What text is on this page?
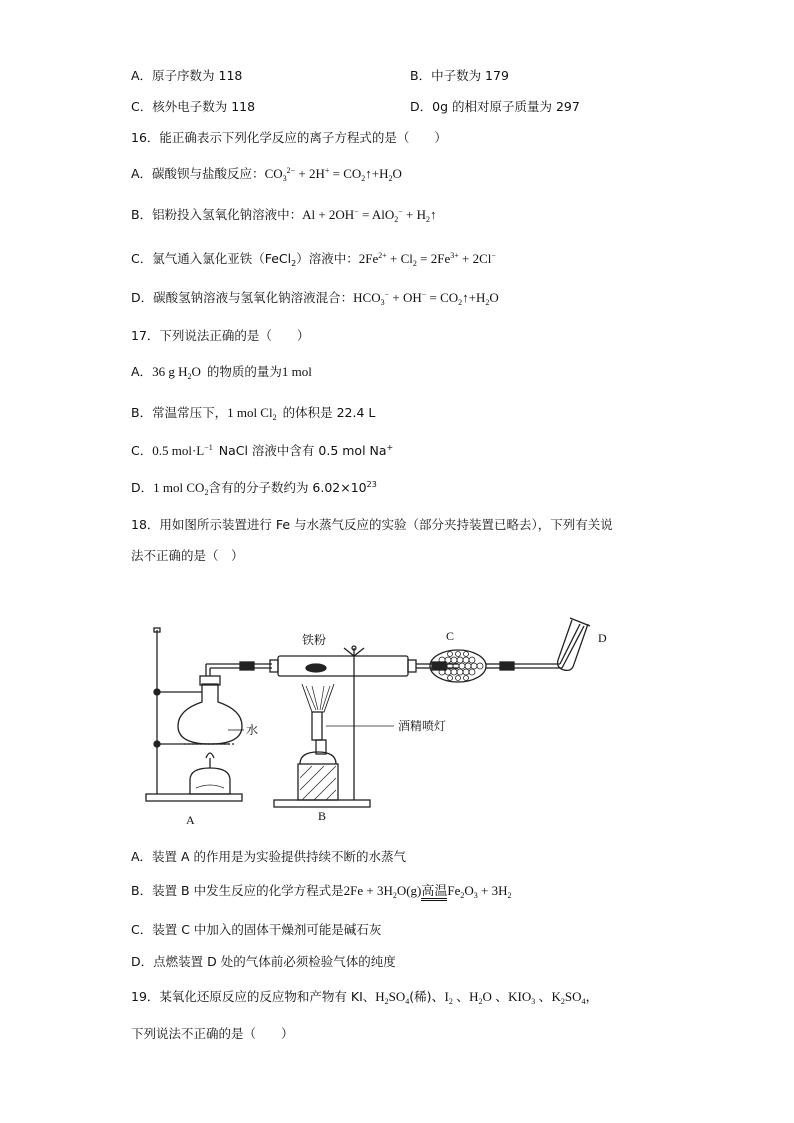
A．原子序数为 118	B．中子数为 179
C．核外电子数为 118	D．0g 的相对原子质量为 297
16．能正确表示下列化学反应的离子方程式的是（　　）
A．碳酸钡与盐酸反应：$CO_3^{2-} + 2H^+$ = $CO_2↑+H_2O$
B．铝粉投入氢氧化钠溶液中：$Al + 2OH^- = AlO_2^- + H_2↑$
C．氯气通入氯化亚铁（FeCl$_2$）溶液中：$2Fe^{2+} + Cl_2 = 2Fe^{3+} + 2Cl^-$
D．碳酸氢钠溶液与氢氧化钠溶液混合：$HCO_3^- + OH^-$ = $CO_2↑+H_2O$
17．下列说法正确的是（　　）
A．36 g $H_2O$ 的物质的量为1 mol
B．常温常压下，1 mol $Cl_2$ 的体积是 22.4 L
C．0.5 $mol\cdot L^{-1}$ NaCl 溶液中含有 0.5 mol Na+
D．1 mol $CO_2$含有的分子数约为 $6.02\times 10^{23}$
18．用如图所示装置进行 Fe 与水蒸气反应的实验（部分夹持装置已略去），下列有关说
法不正确的是（　）
铁粉	C	D
水	酒精喷灯
A	B
A．装置 A 的作用是为实验提供持续不断的水蒸气
B．装置 B 中发生反应的化学方程式是$2Fe + 3H_2O(g)$高温$Fe_2O_3 + 3H_2$
C．装置 C 中加入的固体干燥剂可能是碱石灰
D．点燃装置 D 处的气体前必须检验气体的纯度
19．某氧化还原反应的反应物和产物有 KI、$H_2SO_4$(稀)、$I_2$ 、$H_2O$ 、$KIO_3$ 、$K_2SO_4$，
下列说法不正确的是（　　）
